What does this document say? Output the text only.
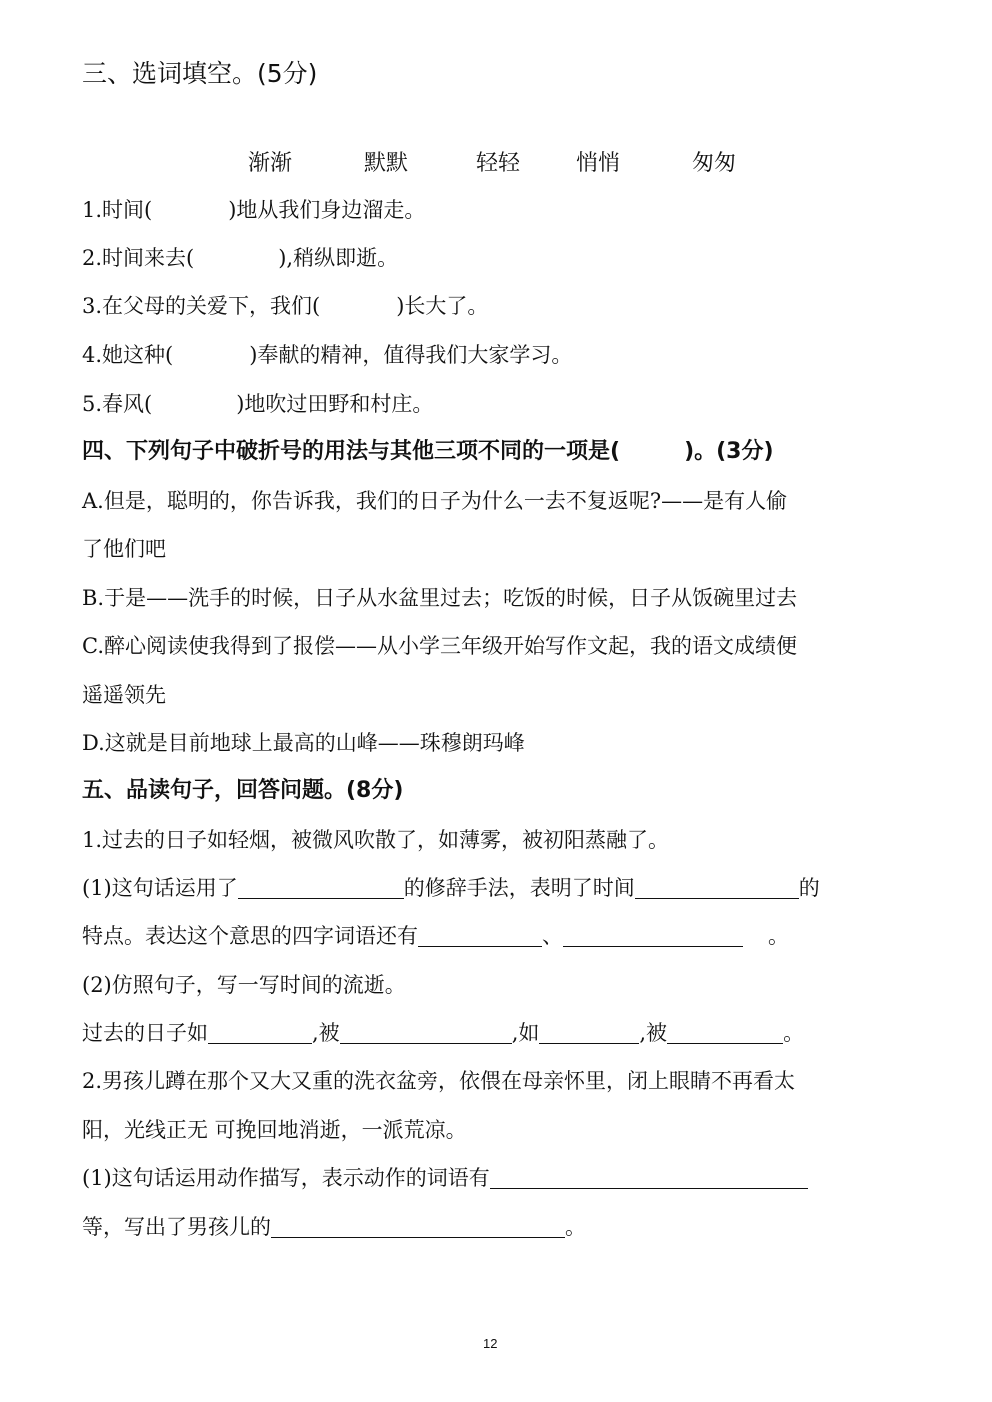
三、选词填空。(5分)
渐渐	默默	轻轻	悄悄	匆匆
1.时间(	)地从我们身边溜走。
2.时间来去(	),稍纵即逝。
3.在父母的关爱下，我们(	)长大了。
4.她这种(	)奉献的精神，值得我们大家学习。
5.春风(	)地吹过田野和村庄。
四、下列句子中破折号的用法与其他三项不同的一项是(	)。(3分)
A.但是，聪明的，你告诉我，我们的日子为什么一去不复返呢?——是有人偷
了他们吧
B.于是——洗手的时候，日子从水盆里过去；吃饭的时候，日子从饭碗里过去
C.醉心阅读使我得到了报偿——从小学三年级开始写作文起，我的语文成绩便
遥遥领先
D.这就是目前地球上最高的山峰——珠穆朗玛峰
五、品读句子，回答问题。(8分)
1.过去的日子如轻烟，被微风吹散了，如薄雾，被初阳蒸融了。
(1)这句话运用了	的修辞手法，表明了时间	的
特点。表达这个意思的四字词语还有	、	。
(2)仿照句子，写一写时间的流逝。
过去的日子如	,被	,如	,被	。
2.男孩儿蹲在那个又大又重的洗衣盆旁，依偎在母亲怀里，闭上眼睛不再看太
阳，光线正无 可挽回地消逝，一派荒凉。
(1)这句话运用动作描写，表示动作的词语有
等，写出了男孩儿的	。
12
